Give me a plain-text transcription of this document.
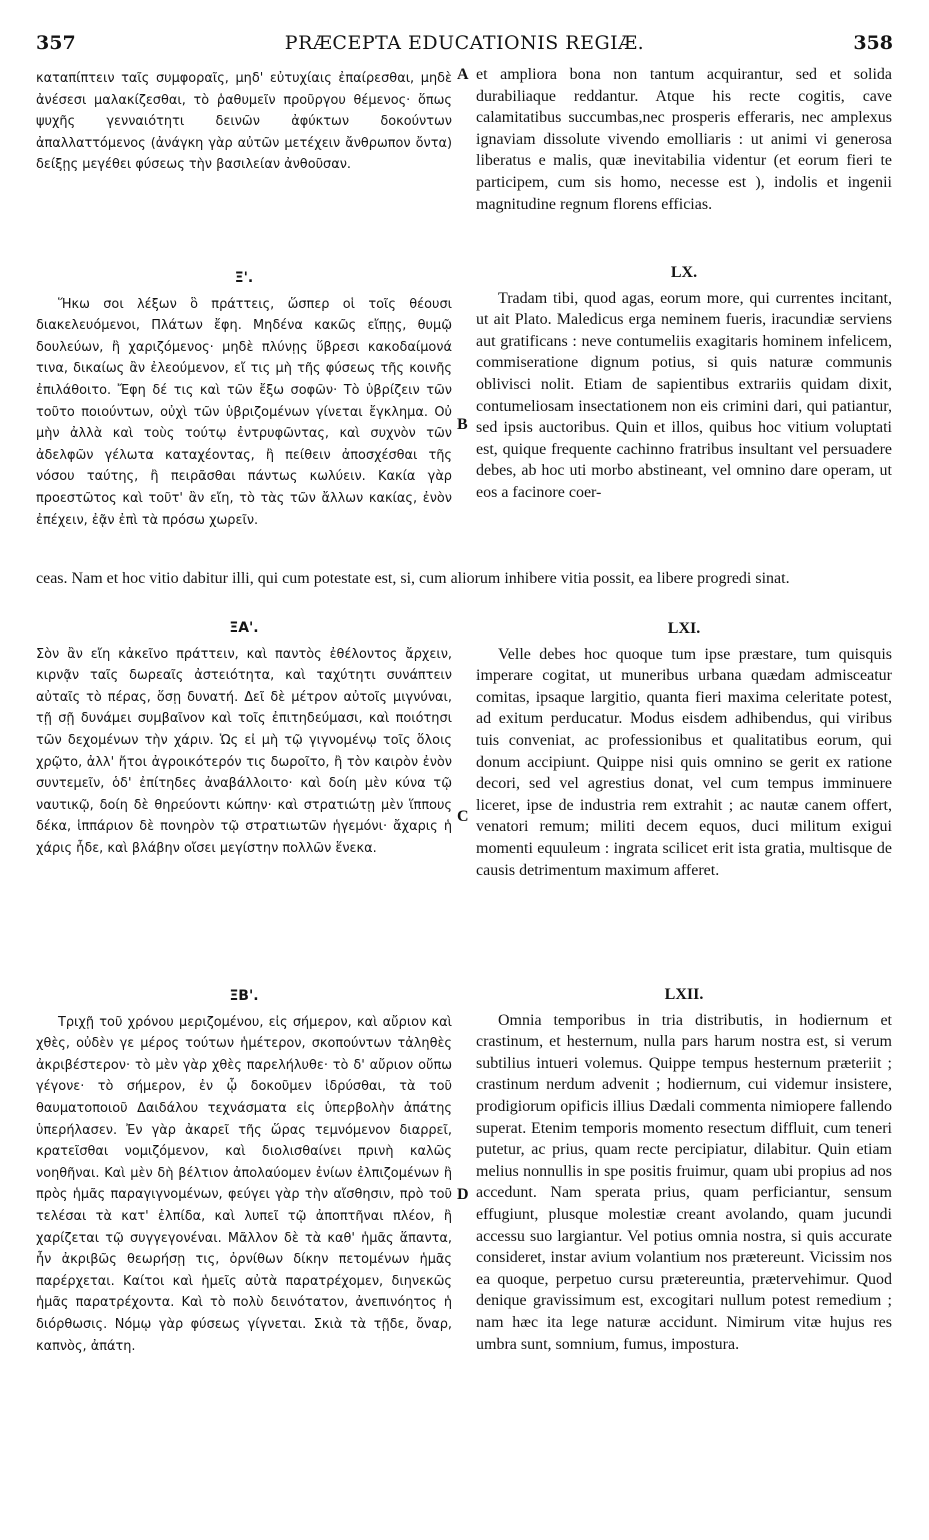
357	PRÆCEPTA EDUCATIONIS REGIÆ.	358

καταπίπτειν ταῖς συμφοραῖς, μηδ' εὐτυχίαις ἐπαίρεσθαι, μηδὲ ἀνέσεσι μαλακίζεσθαι, τὸ ῥαθυμεῖν προῦργου θέμενος· ὅπως ψυχῆς γενναιότητι δεινῶν ἀφύκτων δοκούντων ἀπαλλαττόμενος (ἀνάγκη γὰρ αὐτῶν μετέχειν ἄνθρωπον ὄντα) δείξῃς μεγέθει φύσεως τὴν βασιλείαν ἀνθοῦσαν.

Ξ'.

Ἥκω σοι λέξων ὃ πράττεις, ὥσπερ οἱ τοῖς θέουσι διακελευόμενοι, Πλάτων ἔφη. Μηδένα κακῶς εἴπῃς, θυμῷ δουλεύων, ἢ χαριζόμενος· μηδὲ πλύνῃς ὕβρεσι κακοδαίμονά τινα, δικαίως ἂν ἐλεούμενον, εἴ τις μὴ τῆς φύσεως τῆς κοινῆς ἐπιλάθοιτο. Ἔφη δέ τις καὶ τῶν ἔξω σοφῶν· Τὸ ὑβρίζειν τῶν τοῦτο ποιούντων, οὐχὶ τῶν ὑβριζομένων γίνεται ἔγκλημα. Οὐ μὴν ἀλλὰ καὶ τοὺς τούτῳ ἐντρυφῶντας, καὶ συχνὸν τῶν ἀδελφῶν γέλωτα καταχέοντας, ἢ πείθειν ἀποσχέσθαι τῆς νόσου ταύτης, ἢ πειρᾶσθαι πάντως κωλύειν. Κακία γὰρ προεστῶτος καὶ τοῦτ' ἂν εἴη, τὸ τὰς τῶν ἄλλων κακίας, ἐνὸν ἐπέχειν, ἐᾷν ἐπὶ τὰ πρόσω χωρεῖν.

ΞΑ'.

Σὸν ἂν εἴη κἀκεῖνο πράττειν, καὶ παντὸς ἐθέλοντος ἄρχειν, κιρνᾷν ταῖς δωρεαῖς ἀστειότητα, καὶ ταχύτητι συνάπτειν αὐταῖς τὸ πέρας, ὅσῃ δυνατή. Δεῖ δὲ μέτρον αὐτοῖς μιγνύναι, τῇ σῇ δυνάμει συμβαῖνον καὶ τοῖς ἐπιτηδεύμασι, καὶ ποιότησι τῶν δεχομένων τὴν χάριν. Ὡς εἰ μὴ τῷ γιγνομένῳ τοῖς ὅλοις χρῷτο, ἀλλ' ἤτοι ἀγροικότερόν τις δωροῖτο, ἢ τὸν καιρὸν ἐνὸν συντεμεῖν, ὁδ' ἐπίτηδες ἀναβάλλοιτο· καὶ δοίη μὲν κύνα τῷ ναυτικῷ, δοίη δὲ θηρεύοντι κώπην· καὶ στρατιώτῃ μὲν ἵππους δέκα, ἱππάριον δὲ πονηρὸν τῷ στρατιωτῶν ἡγεμόνι· ἄχαρις ἡ χάρις ἦδε, καὶ βλάβην οἴσει μεγίστην πολλῶν ἕνεκα.

ΞΒ'.

Τριχῇ τοῦ χρόνου μεριζομένου, εἰς σήμερον, καὶ αὔριον καὶ χθὲς, οὐδὲν γε μέρος τούτων ἡμέτερον, σκοπούντων τἀληθὲς ἀκριβέστερον· τὸ μὲν γὰρ χθὲς παρελήλυθε· τὸ δ' αὔριον οὔπω γέγονε· τὸ σήμερον, ἐν ᾧ δοκοῦμεν ἱδρύσθαι, τὰ τοῦ θαυματοποιοῦ Δαιδάλου τεχνάσματα εἰς ὑπερβολὴν ἀπάτης ὑπερήλασεν. Ἐν γὰρ ἀκαρεῖ τῆς ὥρας τεμνόμενον διαρρεῖ, κρατεῖσθαι νομιζόμενον, καὶ διολισθαίνει πρινὴ καλῶς νοηθῆναι. Καὶ μὲν δὴ βέλτιον ἀπολαύομεν ἐνίων ἐλπιζομένων ἢ πρὸς ἡμᾶς παραγιγνομένων, φεύγει γὰρ τὴν αἴσθησιν, πρὸ τοῦ τελέσαι τὰ κατ' ἐλπίδα, καὶ λυπεῖ τῷ ἀποπτῆναι πλέον, ἢ χαρίζεται τῷ συγγεγονέναι. Μᾶλλον δὲ τὰ καθ' ἡμᾶς ἅπαντα, ἦν ἀκριβῶς θεωρήσῃ τις, ὀρνίθων δίκην πετομένων ἡμᾶς παρέρχεται. Καίτοι καὶ ἡμεῖς αὐτὰ παρατρέχομεν, διηνεκῶς ἡμᾶς παρατρέχοντα. Καὶ τὸ πολὺ δεινότατον, ἀνεπινόητος ἡ διόρθωσις. Νόμῳ γὰρ φύσεως γίγνεται. Σκιὰ τὰ τῇδε, ὄναρ, καπνὸς, ἀπάτη.

et ampliora bona non tantum acquirantur, sed et solida durabiliaque reddantur. Atque his recte cogitis, cave calamitatibus succumbas,nec prosperis efferaris, nec amplexus ignaviam dissolute vivendo emolliaris : ut animi vi generosa liberatus e malis, quæ inevitabilia videntur (et eorum fieri te participem, cum sis homo, necesse est ), indolis et ingenii magnitudine regnum florens efficias.

LX.

Tradam tibi, quod agas, eorum more, qui currentes incitant, ut ait Plato. Maledicus erga neminem fueris, iracundiæ serviens aut gratificans : neve contumeliis exagitaris hominem infelicem, commiseratione dignum potius, si quis naturæ communis oblivisci nolit. Etiam de sapientibus extrariis quidam dixit, contumeliosam insectationem non eis crimini dari, qui patiantur, sed ipsis auctoribus. Quin et illos, quibus hoc vitium voluptati est, quique frequente cachinno fratribus insultant vel persuadere debes, ab hoc uti morbo abstineant, vel omnino dare operam, ut eos a facinore coer-

LXI.

Velle debes hoc quoque tum ipse præstare, tum quisquis imperare cogitat, ut muneribus urbana quædam admisceatur comitas, ipsaque largitio, quanta fieri maxima celeritate potest, ad exitum perducatur. Modus eisdem adhibendus, qui viribus tuis conveniat, ac professionibus et qualitatibus eorum, qui donum accipiunt. Quippe nisi quis omnino se gerit ex ratione decori, sed vel agrestius donat, vel cum tempus imminuere liceret, ipse de industria rem extrahit ; ac nautæ canem offert, venatori remum; militi decem equos, duci militum exigui momenti equuleum : ingrata scilicet erit ista gratia, multisque de causis detrimentum maximum afferet.

LXII.

Omnia temporibus in tria distributis, in hodiernum et crastinum, et hesternum, nulla pars harum nostra est, si verum subtilius intueri volemus. Quippe tempus hesternum præteriit ; crastinum nerdum advenit ; hodiernum, cui videmur insistere, prodigiorum opificis illius Dædali commenta nimiopere fallendo superat. Etenim temporis momento resectum diffluit, cum teneri putetur, ac prius, quam recte percipiatur, dilabitur. Quin etiam melius nonnullis in spe positis fruimur, quam ubi propius ad nos accedunt. Nam sperata prius, quam perficiantur, sensum effugiunt, plusque molestiæ creant avolando, quam jucundi accessu suo largiantur. Vel potius omnia nostra, si quis accurate consideret, instar avium volantium nos prætereunt. Vicissim nos ea quoque, perpetuo cursu prætereuntia, prætervehimur. Quod denique gravissimum est, excogitari nullum potest remedium ; nam hæc ita lege naturæ accidunt. Nimirum vitæ hujus res umbra sunt, somnium, fumus, impostura.

ceas. Nam et hoc vitio dabitur illi, qui cum potestate est, si, cum aliorum inhibere vitia possit, ea libere progredi sinat.
A
B
C
D
